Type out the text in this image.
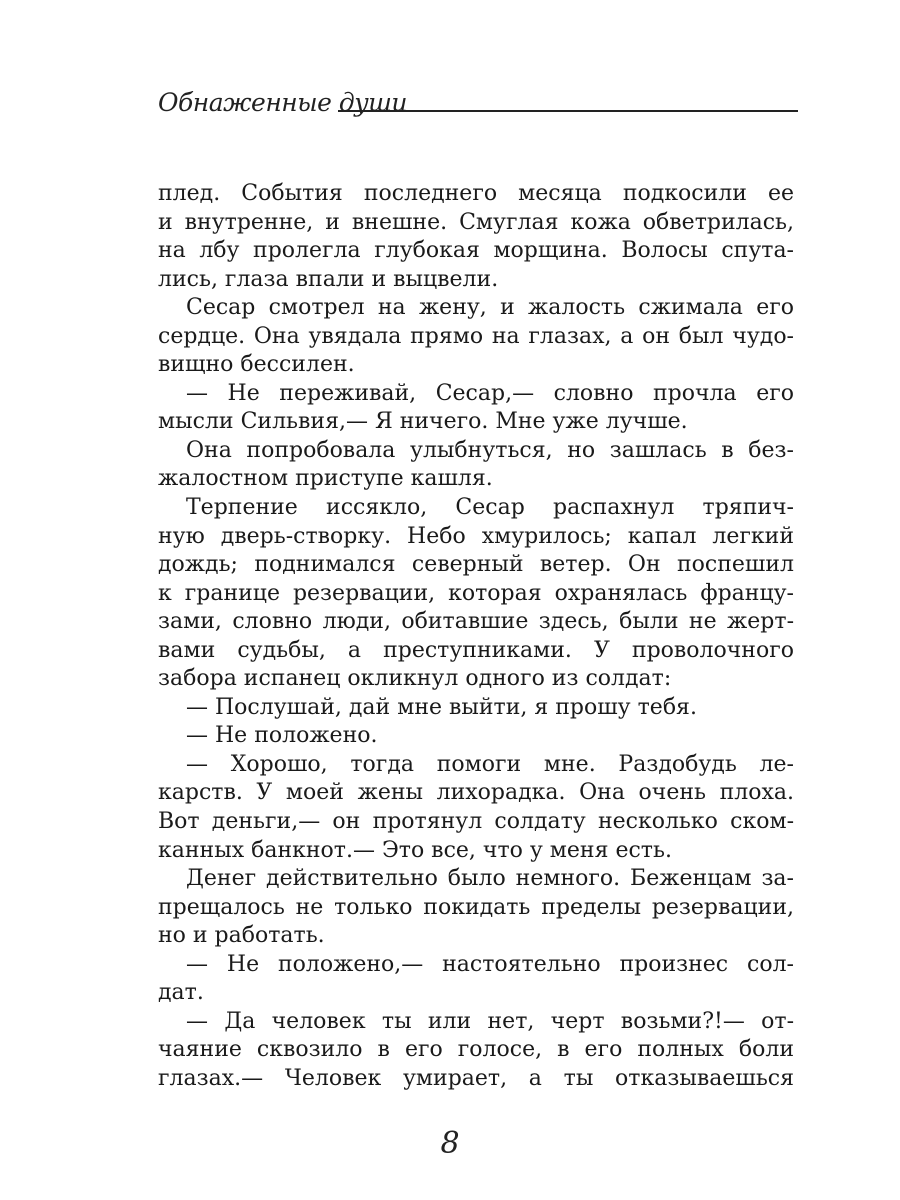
Обнаженные души
плед. События последнего месяца подкосили ее
и внутренне, и внешне. Смуглая кожа обветрилась,
на лбу пролегла глубокая морщина. Волосы спута-
лись, глаза впали и выцвели.
Сесар смотрел на жену, и жалость сжимала его
сердце. Она увядала прямо на глазах, а он был чудо-
вищно бессилен.
— Не переживай, Сесар,— словно прочла его
мысли Сильвия,— Я ничего. Мне уже лучше.
Она попробовала улыбнуться, но зашлась в без-
жалостном приступе кашля.
Терпение иссякло, Сесар распахнул тряпич-
ную дверь-створку. Небо хмурилось; капал легкий
дождь; поднимался северный ветер. Он поспешил
к границе резервации, которая охранялась францу-
зами, словно люди, обитавшие здесь, были не жерт-
вами судьбы, а преступниками. У проволочного
забора испанец окликнул одного из солдат:
— Послушай, дай мне выйти, я прошу тебя.
— Не положено.
— Хорошо, тогда помоги мне. Раздобудь ле-
карств. У моей жены лихорадка. Она очень плоха.
Вот деньги,— он протянул солдату несколько ском-
канных банкнот.— Это все, что у меня есть.
Денег действительно было немного. Беженцам за-
прещалось не только покидать пределы резервации,
но и работать.
— Не положено,— настоятельно произнес сол-
дат.
— Да человек ты или нет, черт возьми?!— от-
чаяние сквозило в его голосе, в его полных боли
глазах.— Человек умирает, а ты отказываешься
8
